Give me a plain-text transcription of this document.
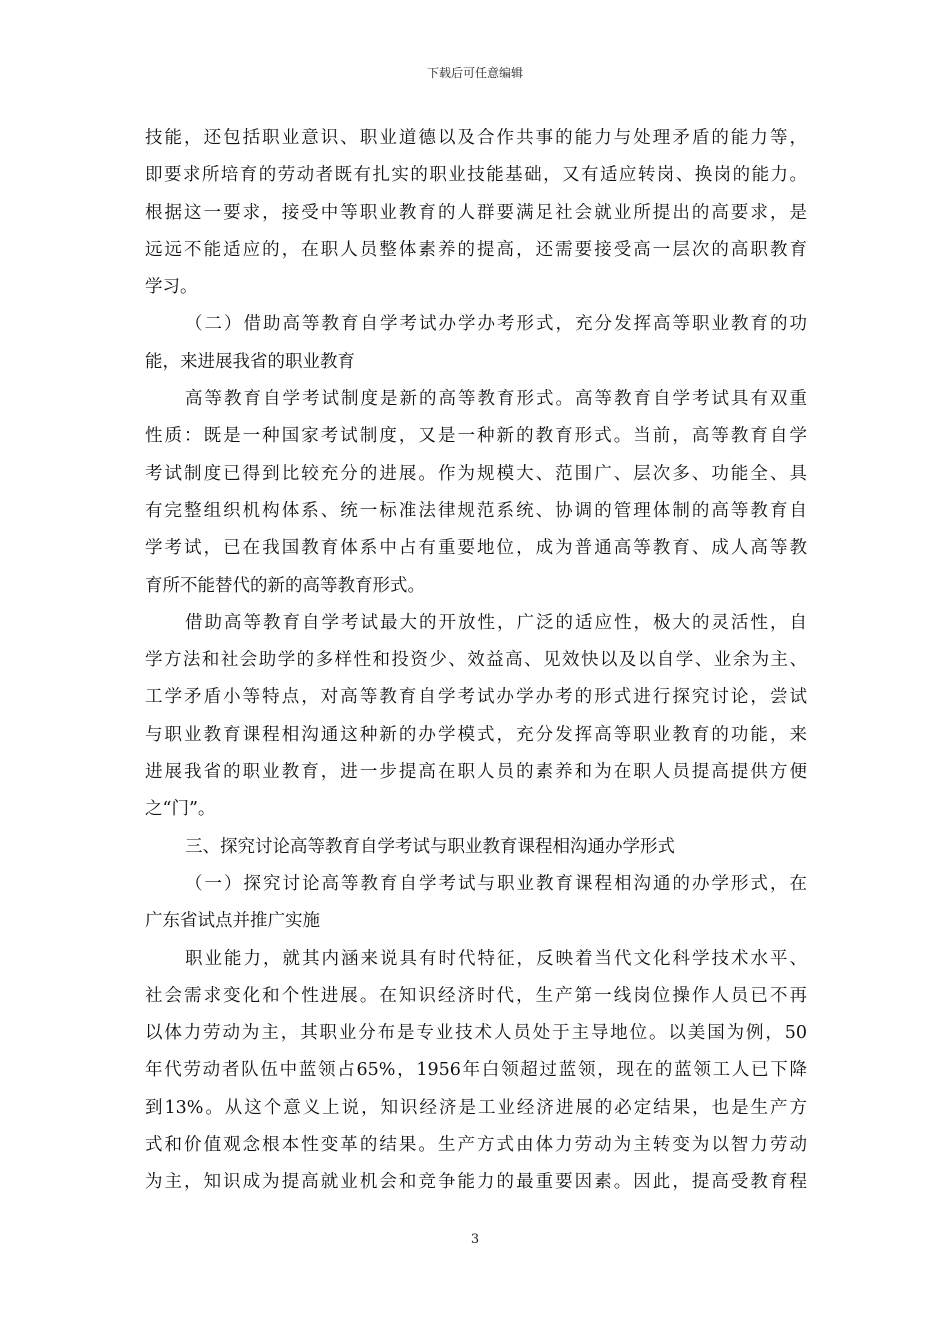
下载后可任意编辑
技能，还包括职业意识、职业道德以及合作共事的能力与处理矛盾的能力等，
即要求所培育的劳动者既有扎实的职业技能基础，又有适应转岗、换岗的能力。
根据这一要求，接受中等职业教育的人群要满足社会就业所提出的高要求，是
远远不能适应的，在职人员整体素养的提高，还需要接受高一层次的高职教育
学习。
（二）借助高等教育自学考试办学办考形式，充分发挥高等职业教育的功
能，来进展我省的职业教育
高等教育自学考试制度是新的高等教育形式。高等教育自学考试具有双重
性质：既是一种国家考试制度，又是一种新的教育形式。当前，高等教育自学
考试制度已得到比较充分的进展。作为规模大、范围广、层次多、功能全、具
有完整组织机构体系、统一标准法律规范系统、协调的管理体制的高等教育自
学考试，已在我国教育体系中占有重要地位，成为普通高等教育、成人高等教
育所不能替代的新的高等教育形式。
借助高等教育自学考试最大的开放性，广泛的适应性，极大的灵活性，自
学方法和社会助学的多样性和投资少、效益高、见效快以及以自学、业余为主、
工学矛盾小等特点，对高等教育自学考试办学办考的形式进行探究讨论，尝试
与职业教育课程相沟通这种新的办学模式，充分发挥高等职业教育的功能，来
进展我省的职业教育，进一步提高在职人员的素养和为在职人员提高提供方便
之“门”。
三、探究讨论高等教育自学考试与职业教育课程相沟通办学形式
（一）探究讨论高等教育自学考试与职业教育课程相沟通的办学形式，在
广东省试点并推广实施
职业能力，就其内涵来说具有时代特征，反映着当代文化科学技术水平、
社会需求变化和个性进展。在知识经济时代，生产第一线岗位操作人员已不再
以体力劳动为主，其职业分布是专业技术人员处于主导地位。以美国为例，50
年代劳动者队伍中蓝领占65%，1956年白领超过蓝领，现在的蓝领工人已下降
到13%。从这个意义上说，知识经济是工业经济进展的必定结果，也是生产方
式和价值观念根本性变革的结果。生产方式由体力劳动为主转变为以智力劳动
为主，知识成为提高就业机会和竞争能力的最重要因素。因此，提高受教育程
3
